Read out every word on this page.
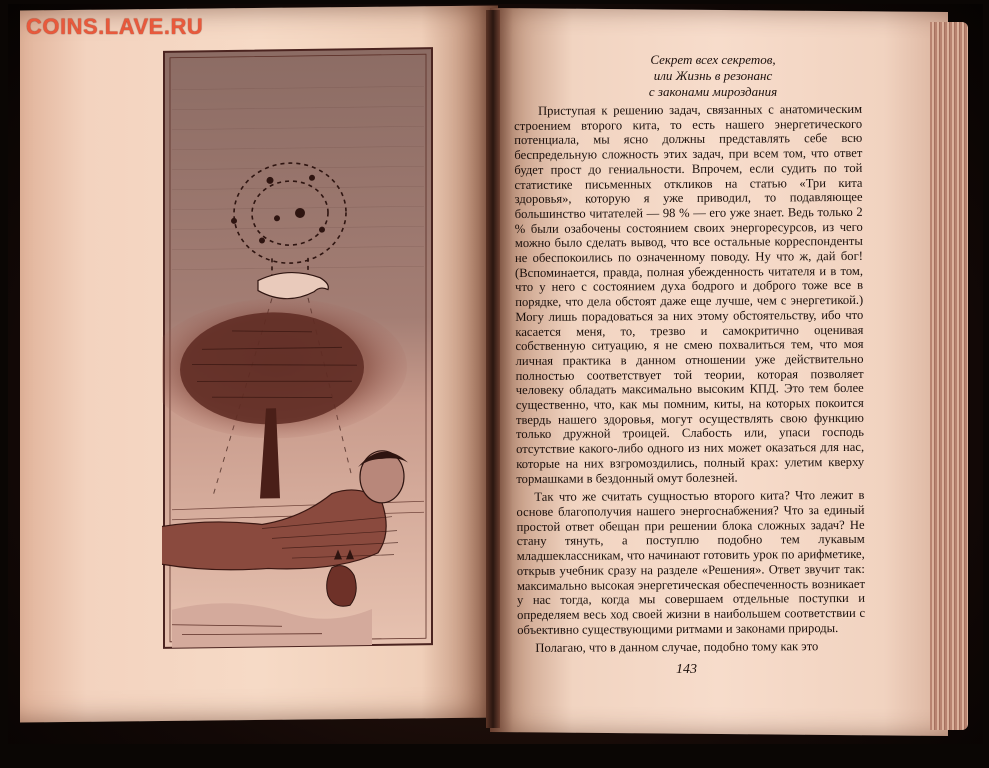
COINS.LAVE.RU
Секрет всех секретов,
или Жизнь в резонанс
с законами мироздания

Приступая к решению задач, связанных с анатомическим строением второго кита, то есть нашего энергетического потенциала, мы ясно должны представлять себе всю беспредельную сложность этих задач, при всем том, что ответ будет прост до гениальности. Впрочем, если судить по той статистике письменных откликов на статью «Три кита здоровья», которую я уже приводил, то подавляющее большинство читателей — 98 % — его уже знает. Ведь только 2 % были озабочены состоянием своих энергоресурсов, из чего можно было сделать вывод, что все остальные корреспонденты не обеспокоились по означенному поводу. Ну что ж, дай бог! (Вспоминается, правда, полная убежденность читателя и в том, что у него с состоянием духа бодрого и доброго тоже все в порядке, что дела обстоят даже еще лучше, чем с энергетикой.) Могу лишь порадоваться за них этому обстоятельству, ибо что касается меня, то, трезво и самокритично оценивая собственную ситуацию, я не смею похвалиться тем, что моя личная практика в данном отношении уже действительно полностью соответствует той теории, которая позволяет человеку обладать максимально высоким КПД. Это тем более существенно, что, как мы помним, киты, на которых покоится твердь нашего здоровья, могут осуществлять свою функцию только дружной троицей. Слабость или, упаси господь отсутствие какого-либо одного из них может оказаться для нас, которые на них взгромоздились, полный крах: улетим кверху тормашками в бездонный омут болезней.

Так что же считать сущностью второго кита? Что лежит в основе благополучия нашего энергоснабжения? Что за единый простой ответ обещан при решении блока сложных задач? Не стану тянуть, а поступлю подобно тем лукавым младшеклассникам, что начинают готовить урок по арифметике, открыв учебник сразу на разделе «Решения». Ответ звучит так: максимально высокая энергетическая обеспеченность возникает у нас тогда, когда мы совершаем отдельные поступки и определяем весь ход своей жизни в наибольшем соответствии с объективно существующими ритмами и законами природы.

Полагаю, что в данном случае, подобно тому как это

143
